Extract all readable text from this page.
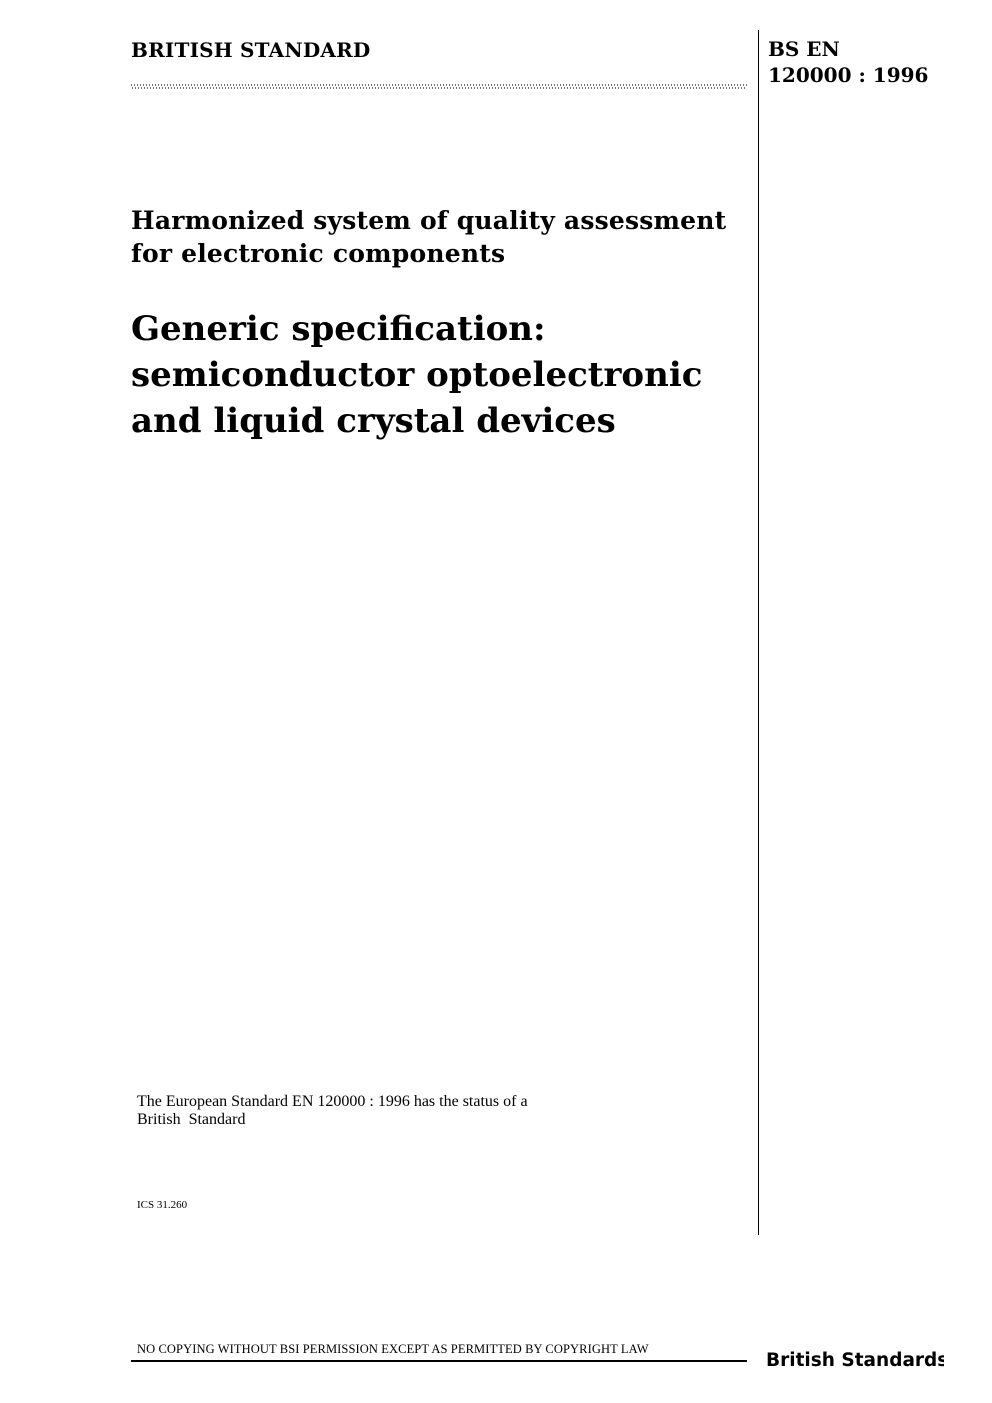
BRITISH STANDARD	BS EN
120000 : 1996
Harmonized system of quality assessment
for electronic components
Generic specification:
semiconductor optoelectronic
and liquid crystal devices
The European Standard EN 120000 : 1996 has the status of a
British  Standard
ICS 31.260
NO COPYING WITHOUT BSI PERMISSION EXCEPT AS PERMITTED BY COPYRIGHT LAW
British Standards
